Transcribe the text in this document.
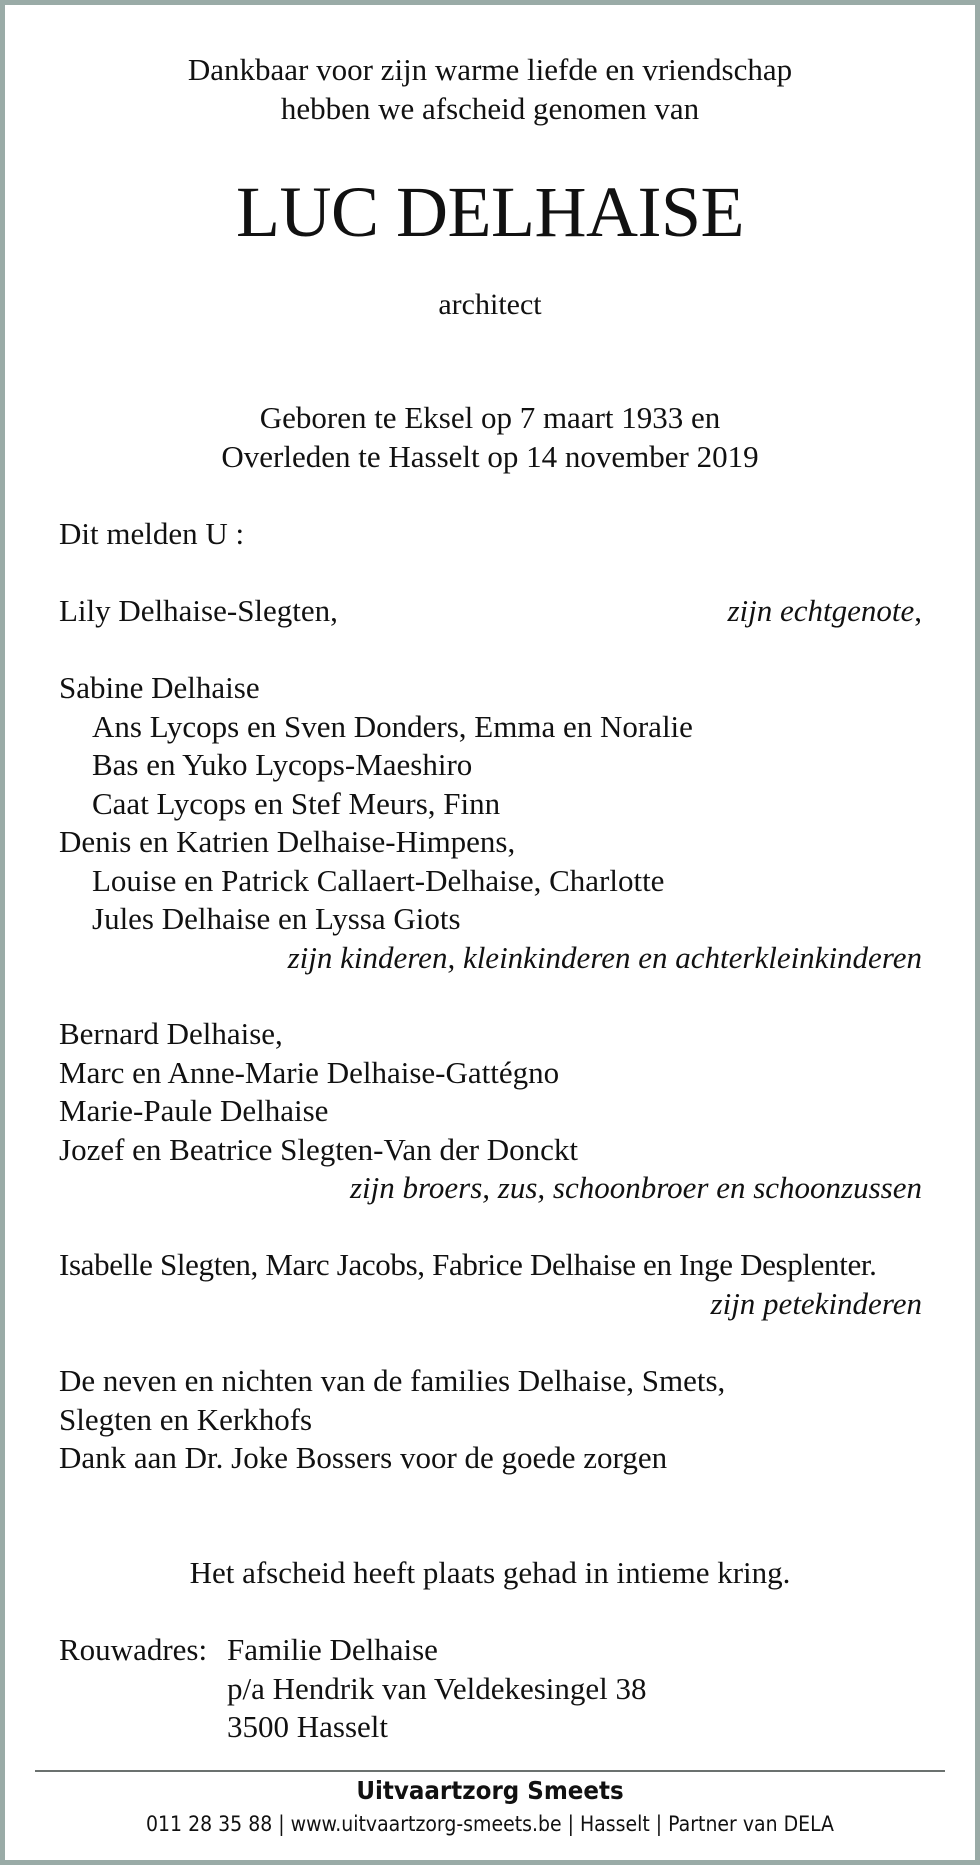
Dankbaar voor zijn warme liefde en vriendschap
hebben we afscheid genomen van
LUC DELHAISE
architect
Geboren te Eksel op 7 maart 1933 en
Overleden te Hasselt op 14 november 2019
Dit melden U :
Lily Delhaise-Slegten,	zijn echtgenote,
Sabine Delhaise
Ans Lycops en Sven Donders, Emma en Noralie
Bas en Yuko Lycops-Maeshiro
Caat Lycops en Stef Meurs, Finn
Denis en Katrien Delhaise-Himpens,
Louise en Patrick Callaert-Delhaise, Charlotte
Jules Delhaise en Lyssa Giots
zijn kinderen, kleinkinderen en achterkleinkinderen
Bernard Delhaise,
Marc en Anne-Marie Delhaise-Gattégno
Marie-Paule Delhaise
Jozef en Beatrice Slegten-Van der Donckt
zijn broers, zus, schoonbroer en schoonzussen
Isabelle Slegten, Marc Jacobs, Fabrice Delhaise en Inge Desplenter.
zijn petekinderen
De neven en nichten van de families Delhaise, Smets,
Slegten en Kerkhofs
Dank aan Dr. Joke Bossers voor de goede zorgen
Het afscheid heeft plaats gehad in intieme kring.
Rouwadres: Familie Delhaise
p/a Hendrik van Veldekesingel 38
3500 Hasselt
Uitvaartzorg Smeets
011 28 35 88 | www.uitvaartzorg-smeets.be | Hasselt | Partner van DELA
